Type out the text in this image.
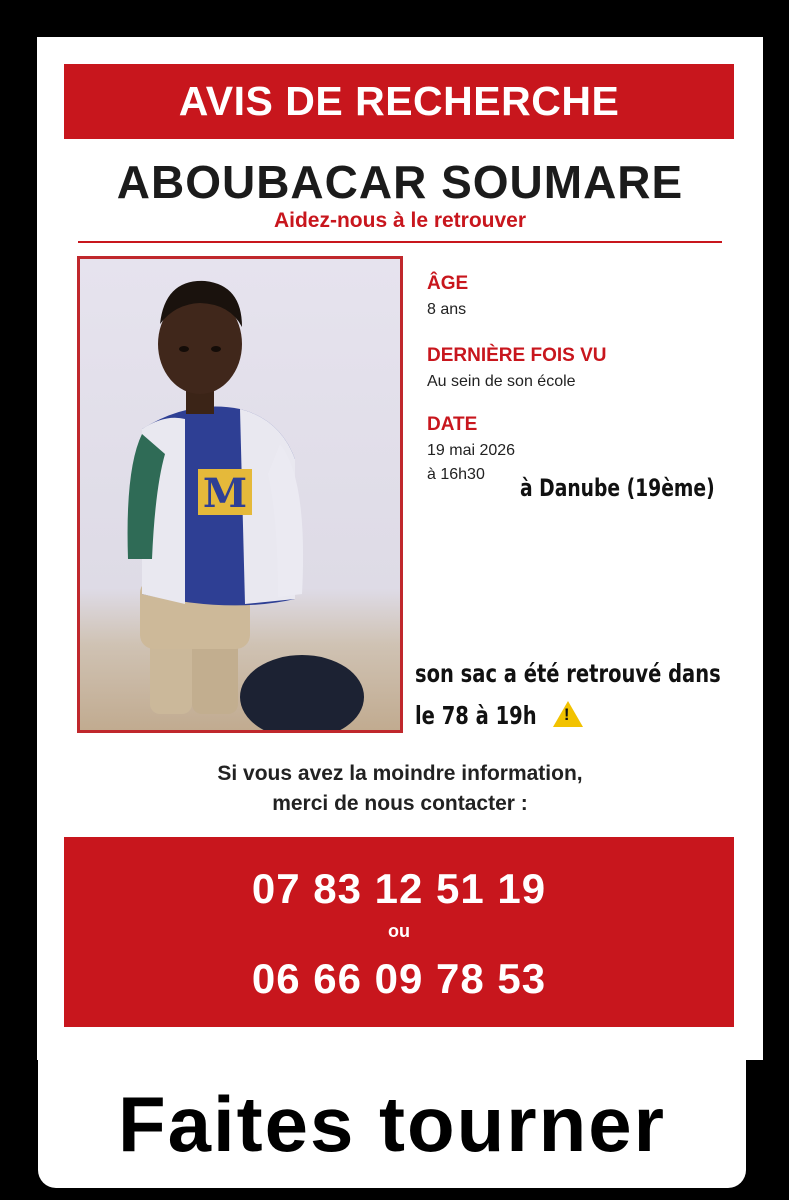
AVIS DE RECHERCHE
ABOUBACAR SOUMARE
Aidez-nous à le retrouver
M
ÂGE
8 ans
DERNIÈRE FOIS VU
Au sein de son école
DATE
19 mai 2026
à 16h30	à Danube (19ème)
son sac a été retrouvé dans
le 78 à 19h !
Si vous avez la moindre information,
merci de nous contacter :
07 83 12 51 19
ou
06 66 09 78 53
Faites tourner
